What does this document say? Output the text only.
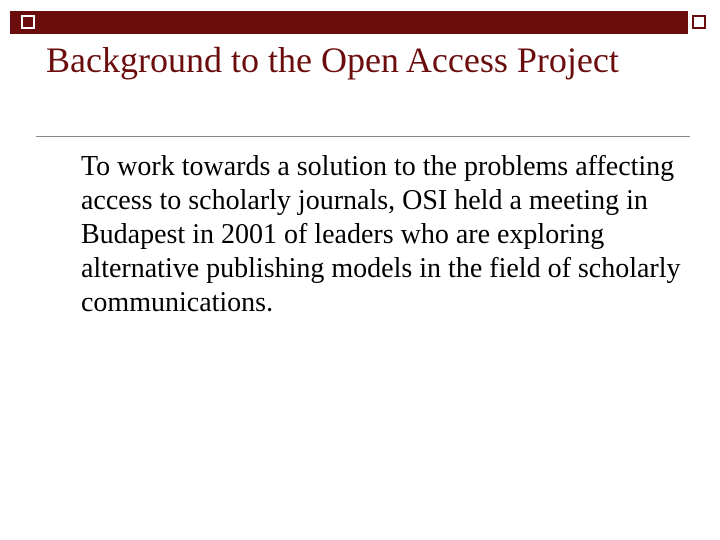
Background to the Open Access Project

To work towards a solution to the problems affecting access to scholarly journals, OSI held a meeting in Budapest in 2001 of leaders who are exploring alternative publishing models in the field of scholarly communications.
